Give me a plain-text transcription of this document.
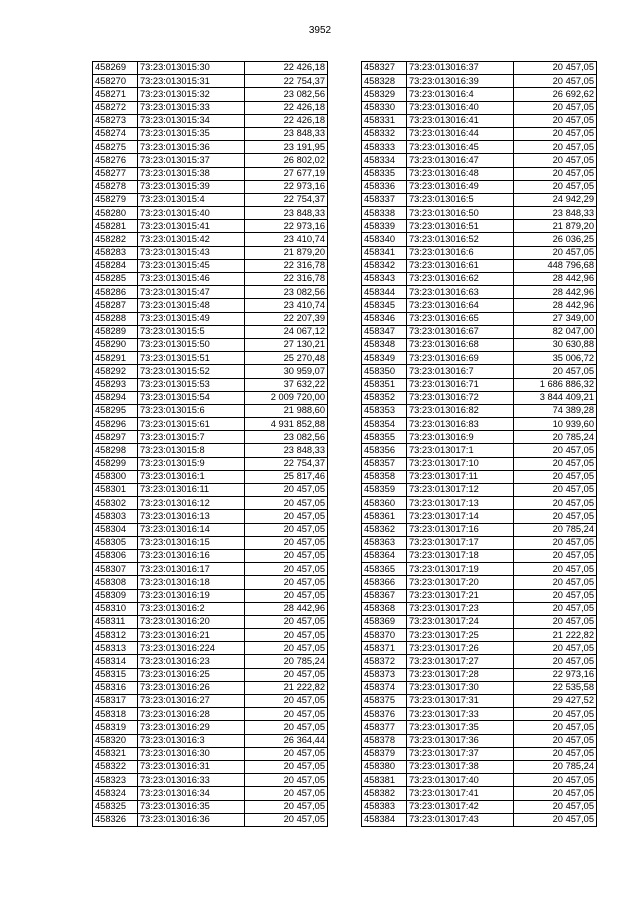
3952
458269	73:23:013015:30	22 426,18
458270	73:23:013015:31	22 754,37
458271	73:23:013015:32	23 082,56
458272	73:23:013015:33	22 426,18
458273	73:23:013015:34	22 426,18
458274	73:23:013015:35	23 848,33
458275	73:23:013015:36	23 191,95
458276	73:23:013015:37	26 802,02
458277	73:23:013015:38	27 677,19
458278	73:23:013015:39	22 973,16
458279	73:23:013015:4	22 754,37
458280	73:23:013015:40	23 848,33
458281	73:23:013015:41	22 973,16
458282	73:23:013015:42	23 410,74
458283	73:23:013015:43	21 879,20
458284	73:23:013015:45	22 316,78
458285	73:23:013015:46	22 316,78
458286	73:23:013015:47	23 082,56
458287	73:23:013015:48	23 410,74
458288	73:23:013015:49	22 207,39
458289	73:23:013015:5	24 067,12
458290	73:23:013015:50	27 130,21
458291	73:23:013015:51	25 270,48
458292	73:23:013015:52	30 959,07
458293	73:23:013015:53	37 632,22
458294	73:23:013015:54	2 009 720,00
458295	73:23:013015:6	21 988,60
458296	73:23:013015:61	4 931 852,88
458297	73:23:013015:7	23 082,56
458298	73:23:013015:8	23 848,33
458299	73:23:013015:9	22 754,37
458300	73:23:013016:1	25 817,46
458301	73:23:013016:11	20 457,05
458302	73:23:013016:12	20 457,05
458303	73:23:013016:13	20 457,05
458304	73:23:013016:14	20 457,05
458305	73:23:013016:15	20 457,05
458306	73:23:013016:16	20 457,05
458307	73:23:013016:17	20 457,05
458308	73:23:013016:18	20 457,05
458309	73:23:013016:19	20 457,05
458310	73:23:013016:2	28 442,96
458311	73:23:013016:20	20 457,05
458312	73:23:013016:21	20 457,05
458313	73:23:013016:224	20 457,05
458314	73:23:013016:23	20 785,24
458315	73:23:013016:25	20 457,05
458316	73:23:013016:26	21 222,82
458317	73:23:013016:27	20 457,05
458318	73:23:013016:28	20 457,05
458319	73:23:013016:29	20 457,05
458320	73:23:013016:3	26 364,44
458321	73:23:013016:30	20 457,05
458322	73:23:013016:31	20 457,05
458323	73:23:013016:33	20 457,05
458324	73:23:013016:34	20 457,05
458325	73:23:013016:35	20 457,05
458326	73:23:013016:36	20 457,05
458327	73:23:013016:37	20 457,05
458328	73:23:013016:39	20 457,05
458329	73:23:013016:4	26 692,62
458330	73:23:013016:40	20 457,05
458331	73:23:013016:41	20 457,05
458332	73:23:013016:44	20 457,05
458333	73:23:013016:45	20 457,05
458334	73:23:013016:47	20 457,05
458335	73:23:013016:48	20 457,05
458336	73:23:013016:49	20 457,05
458337	73:23:013016:5	24 942,29
458338	73:23:013016:50	23 848,33
458339	73:23:013016:51	21 879,20
458340	73:23:013016:52	26 036,25
458341	73:23:013016:6	20 457,05
458342	73:23:013016:61	448 796,68
458343	73:23:013016:62	28 442,96
458344	73:23:013016:63	28 442,96
458345	73:23:013016:64	28 442,96
458346	73:23:013016:65	27 349,00
458347	73:23:013016:67	82 047,00
458348	73:23:013016:68	30 630,88
458349	73:23:013016:69	35 006,72
458350	73:23:013016:7	20 457,05
458351	73:23:013016:71	1 686 886,32
458352	73:23:013016:72	3 844 409,21
458353	73:23:013016:82	74 389,28
458354	73:23:013016:83	10 939,60
458355	73:23:013016:9	20 785,24
458356	73:23:013017:1	20 457,05
458357	73:23:013017:10	20 457,05
458358	73:23:013017:11	20 457,05
458359	73:23:013017:12	20 457,05
458360	73:23:013017:13	20 457,05
458361	73:23:013017:14	20 457,05
458362	73:23:013017:16	20 785,24
458363	73:23:013017:17	20 457,05
458364	73:23:013017:18	20 457,05
458365	73:23:013017:19	20 457,05
458366	73:23:013017:20	20 457,05
458367	73:23:013017:21	20 457,05
458368	73:23:013017:23	20 457,05
458369	73:23:013017:24	20 457,05
458370	73:23:013017:25	21 222,82
458371	73:23:013017:26	20 457,05
458372	73:23:013017:27	20 457,05
458373	73:23:013017:28	22 973,16
458374	73:23:013017:30	22 535,58
458375	73:23:013017:31	29 427,52
458376	73:23:013017:33	20 457,05
458377	73:23:013017:35	20 457,05
458378	73:23:013017:36	20 457,05
458379	73:23:013017:37	20 457,05
458380	73:23:013017:38	20 785,24
458381	73:23:013017:40	20 457,05
458382	73:23:013017:41	20 457,05
458383	73:23:013017:42	20 457,05
458384	73:23:013017:43	20 457,05
